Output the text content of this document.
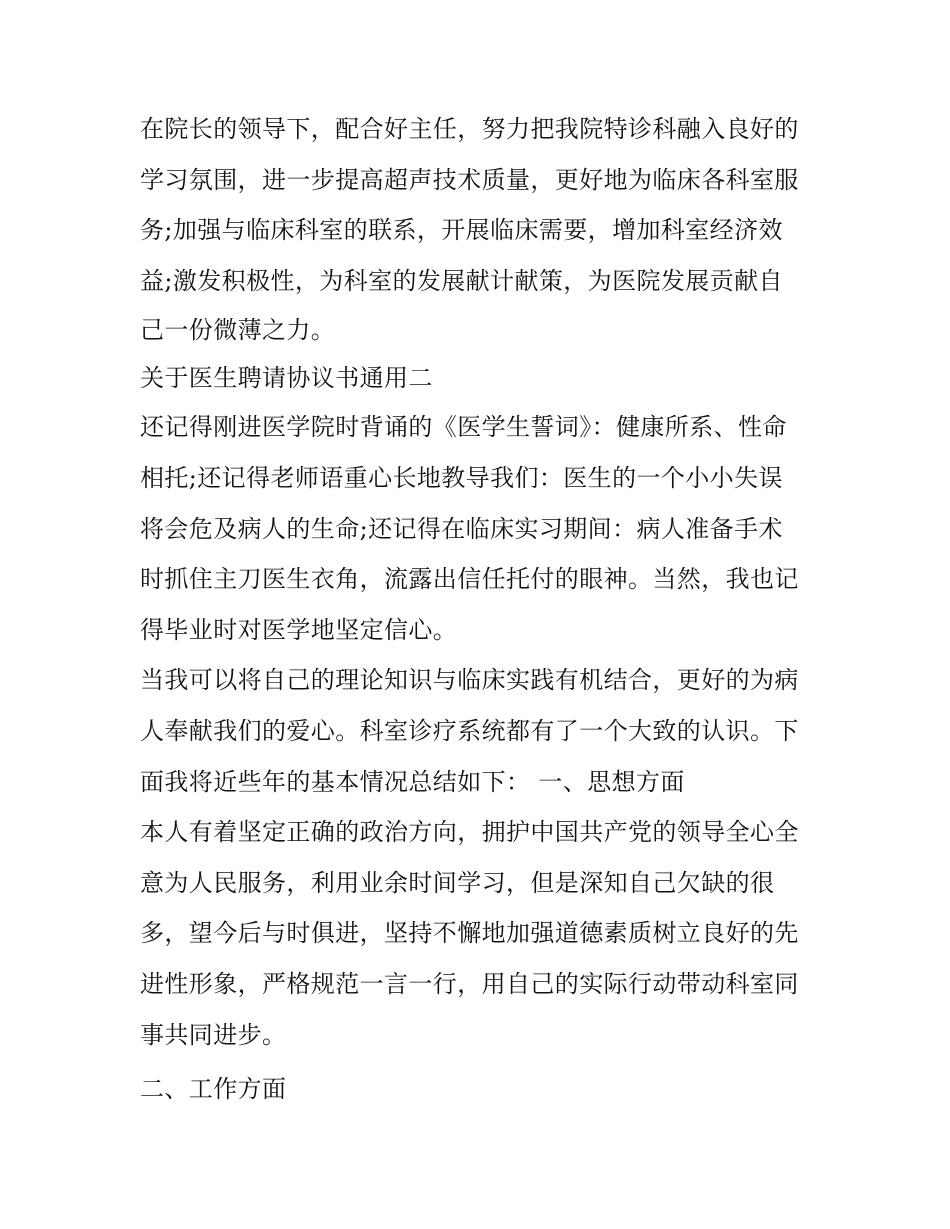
在院长的领导下，配合好主任，努力把我院特诊科融入良好的
学习氛围，进一步提高超声技术质量，更好地为临床各科室服
务;加强与临床科室的联系，开展临床需要，增加科室经济效
益;激发积极性，为科室的发展献计献策，为医院发展贡献自
己一份微薄之力。
关于医生聘请协议书通用二
还记得刚进医学院时背诵的《医学生誓词》：健康所系、性命
相托;还记得老师语重心长地教导我们：医生的一个小小失误
将会危及病人的生命;还记得在临床实习期间：病人准备手术
时抓住主刀医生衣角，流露出信任托付的眼神。当然，我也记
得毕业时对医学地坚定信心。
当我可以将自己的理论知识与临床实践有机结合，更好的为病
人奉献我们的爱心。科室诊疗系统都有了一个大致的认识。下
面我将近些年的基本情况总结如下： 一、思想方面
本人有着坚定正确的政治方向，拥护中国共产党的领导全心全
意为人民服务，利用业余时间学习，但是深知自己欠缺的很
多，望今后与时俱进，坚持不懈地加强道德素质树立良好的先
进性形象，严格规范一言一行，用自己的实际行动带动科室同
事共同进步。
二、工作方面
